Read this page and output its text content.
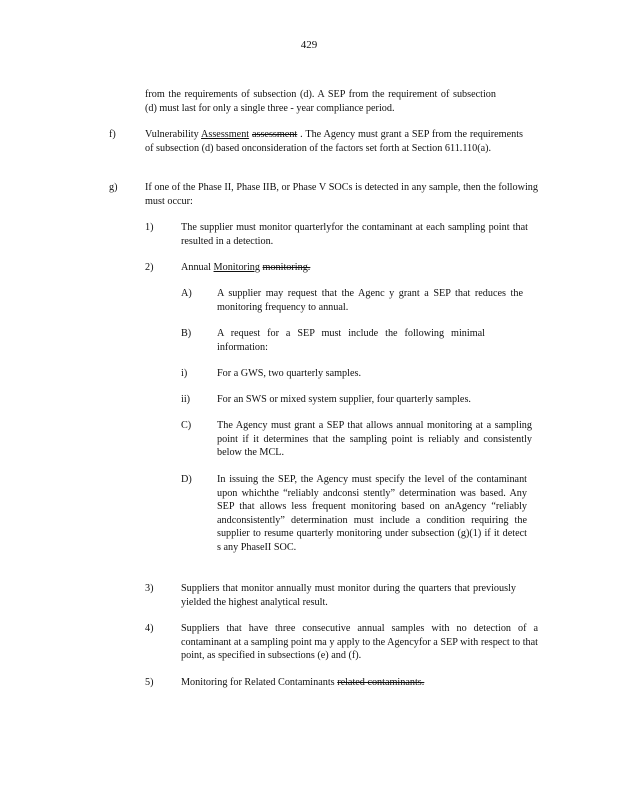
429
from the requirements of subsection (d). A SEP from the requirement of subsection (d) must last for only a single three - year compliance period.
f)	Vulnerability Assessment assessment . The Agency must grant a SEP from the requirements of subsection (d) based onconsideration of the factors set forth at Section 611.110(a).
g)	If one of the Phase II, Phase IIB, or Phase V SOCs is detected in any sample, then the following must occur:
1)	The supplier must monitor quarterlyfor the contaminant at each sampling point that resulted in a detection.
2)	Annual Monitoring monitoring.
A) A supplier may request that the Agenc y grant a SEP that reduces the monitoring frequency to annual.
B)	A request for a SEP must include the following minimal information:
i)	For a GWS, two quarterly samples.
ii)	For an SWS or mixed system supplier, four quarterly samples.
C)	The Agency must grant a SEP that allows annual monitoring at a sampling point if it determines that the sampling point is reliably and consistently below the MCL.
D) In issuing the SEP, the Agency must specify the level of the contaminant upon whichthe “reliably andconsi stently” determination was based. Any SEP that allows less frequent monitoring based on anAgency “reliably andconsistently” determination must include a condition requiring the supplier to resume quarterly monitoring under subsection (g)(1) if it detect s any PhaseII SOC.
3)	Suppliers that monitor annually must monitor during the quarters that previously yielded the highest analytical result.
4)	Suppliers that have three consecutive annual samples with no detection of a contaminant at a sampling point ma y apply to the Agencyfor a SEP with respect to that point, as specified in subsections (e) and (f).
5)	Monitoring for Related Contaminants related contaminants.
